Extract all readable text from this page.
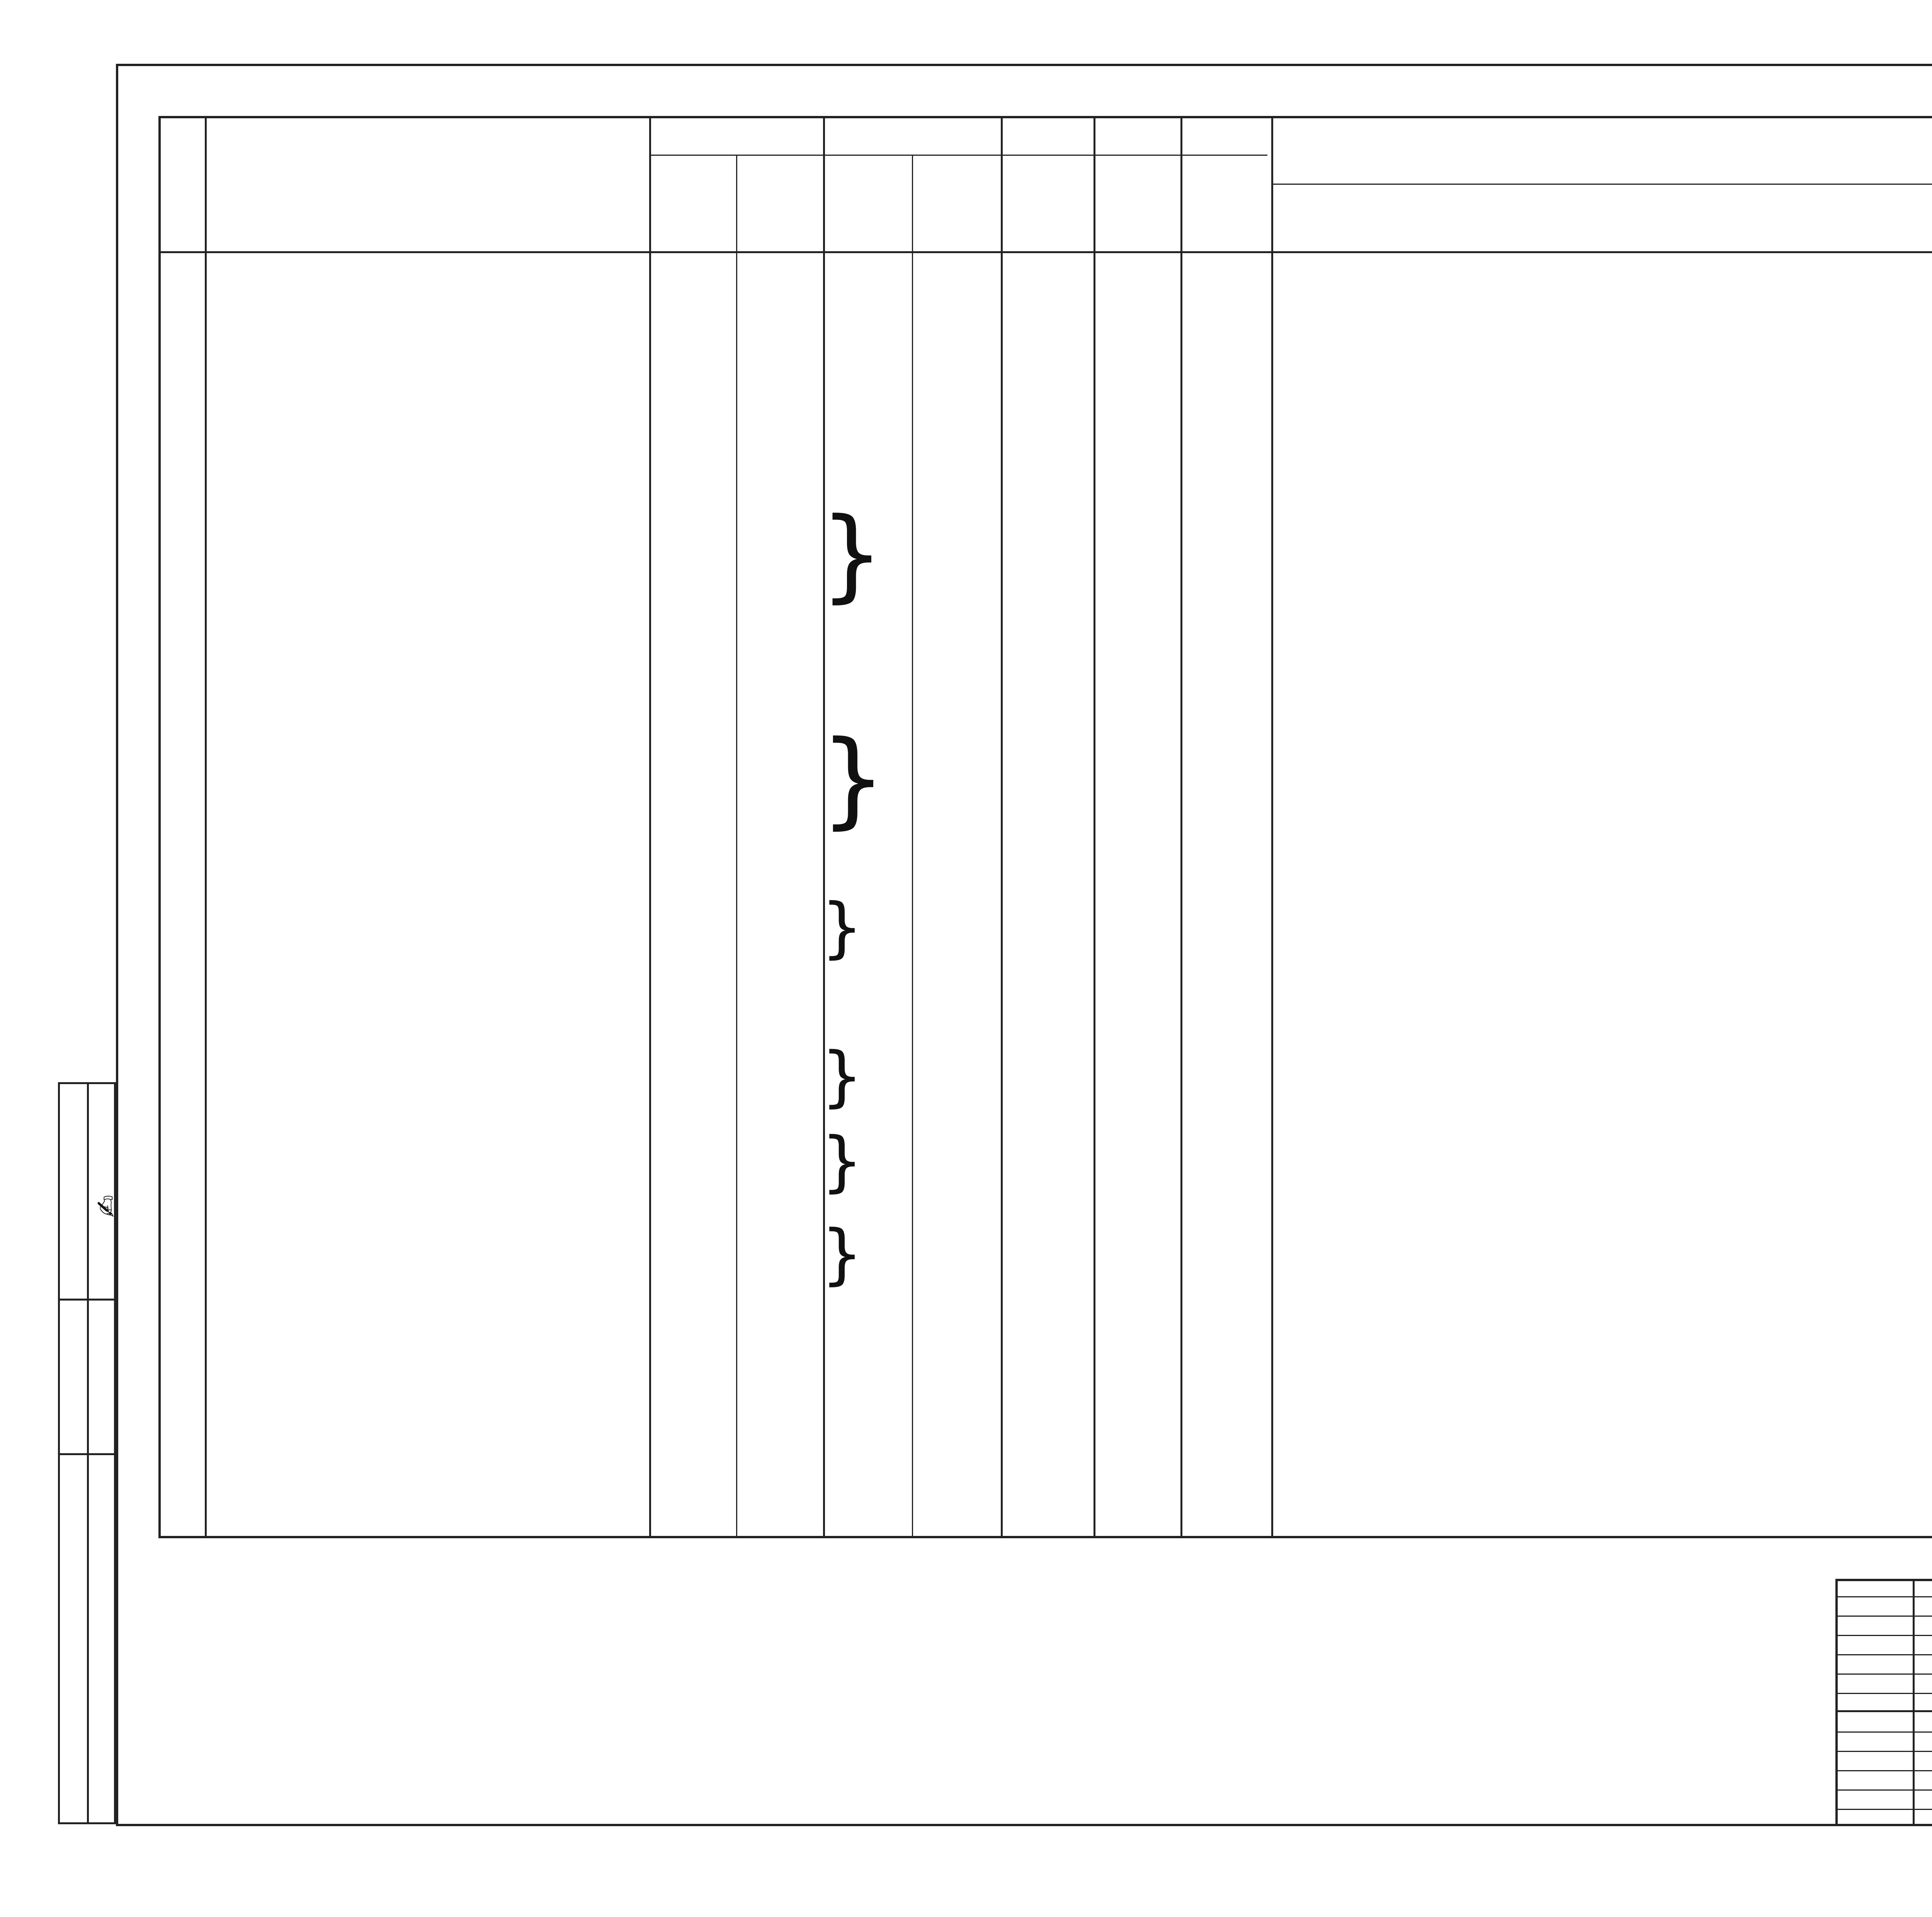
✍
}
}
}
}
}
}
